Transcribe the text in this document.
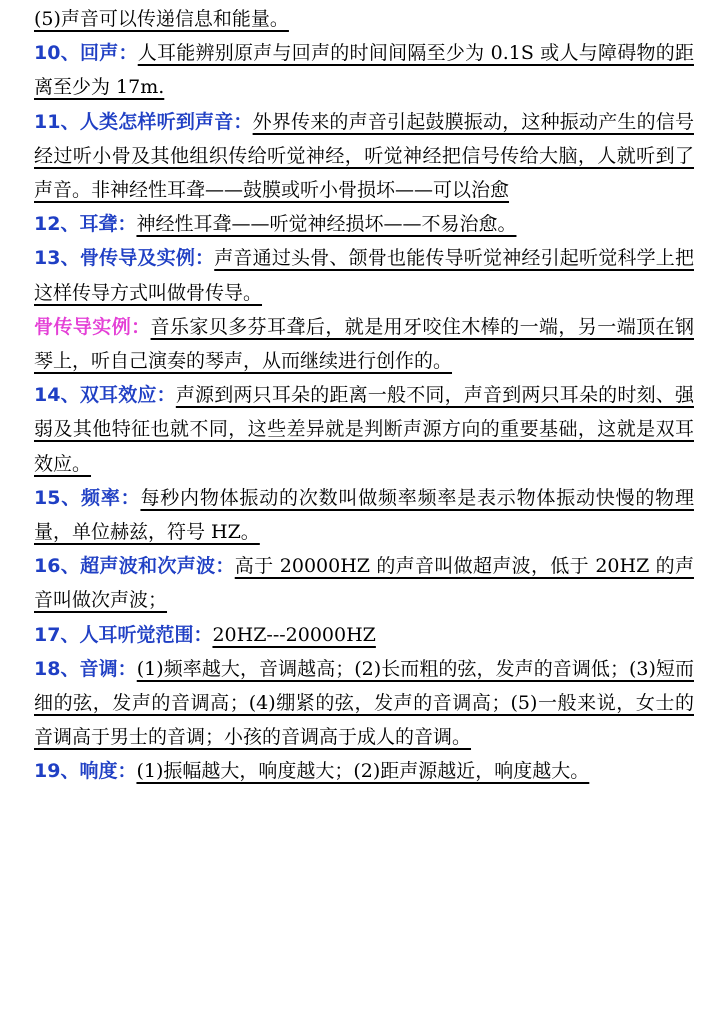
(5)声音可以传递信息和能量。

10、回声：人耳能辨别原声与回声的时间间隔至少为 0.1S 或人与障碍物的距离至少为 17m.

11、人类怎样听到声音：外界传来的声音引起鼓膜振动，这种振动产生的信号经过听小骨及其他组织传给听觉神经，听觉神经把信号传给大脑，人就听到了声音。非神经性耳聋——鼓膜或听小骨损坏——可以治愈

12、耳聋：神经性耳聋——听觉神经损坏——不易治愈。

13、骨传导及实例：声音通过头骨、颌骨也能传导听觉神经引起听觉科学上把这样传导方式叫做骨传导。

骨传导实例：音乐家贝多芬耳聋后，就是用牙咬住木棒的一端，另一端顶在钢琴上，听自己演奏的琴声，从而继续进行创作的。

14、双耳效应：声源到两只耳朵的距离一般不同，声音到两只耳朵的时刻、强弱及其他特征也就不同，这些差异就是判断声源方向的重要基础，这就是双耳效应。

15、频率：每秒内物体振动的次数叫做频率频率是表示物体振动快慢的物理量，单位赫兹，符号 HZ。

16、超声波和次声波：高于 20000HZ 的声音叫做超声波，低于 20HZ 的声音叫做次声波；

17、人耳听觉范围：20HZ---20000HZ

18、音调：(1)频率越大，音调越高；(2)长而粗的弦，发声的音调低；(3)短而细的弦，发声的音调高；(4)绷紧的弦，发声的音调高；(5)一般来说，女士的音调高于男士的音调；小孩的音调高于成人的音调。

19、响度：(1)振幅越大，响度越大；(2)距声源越近，响度越大。
